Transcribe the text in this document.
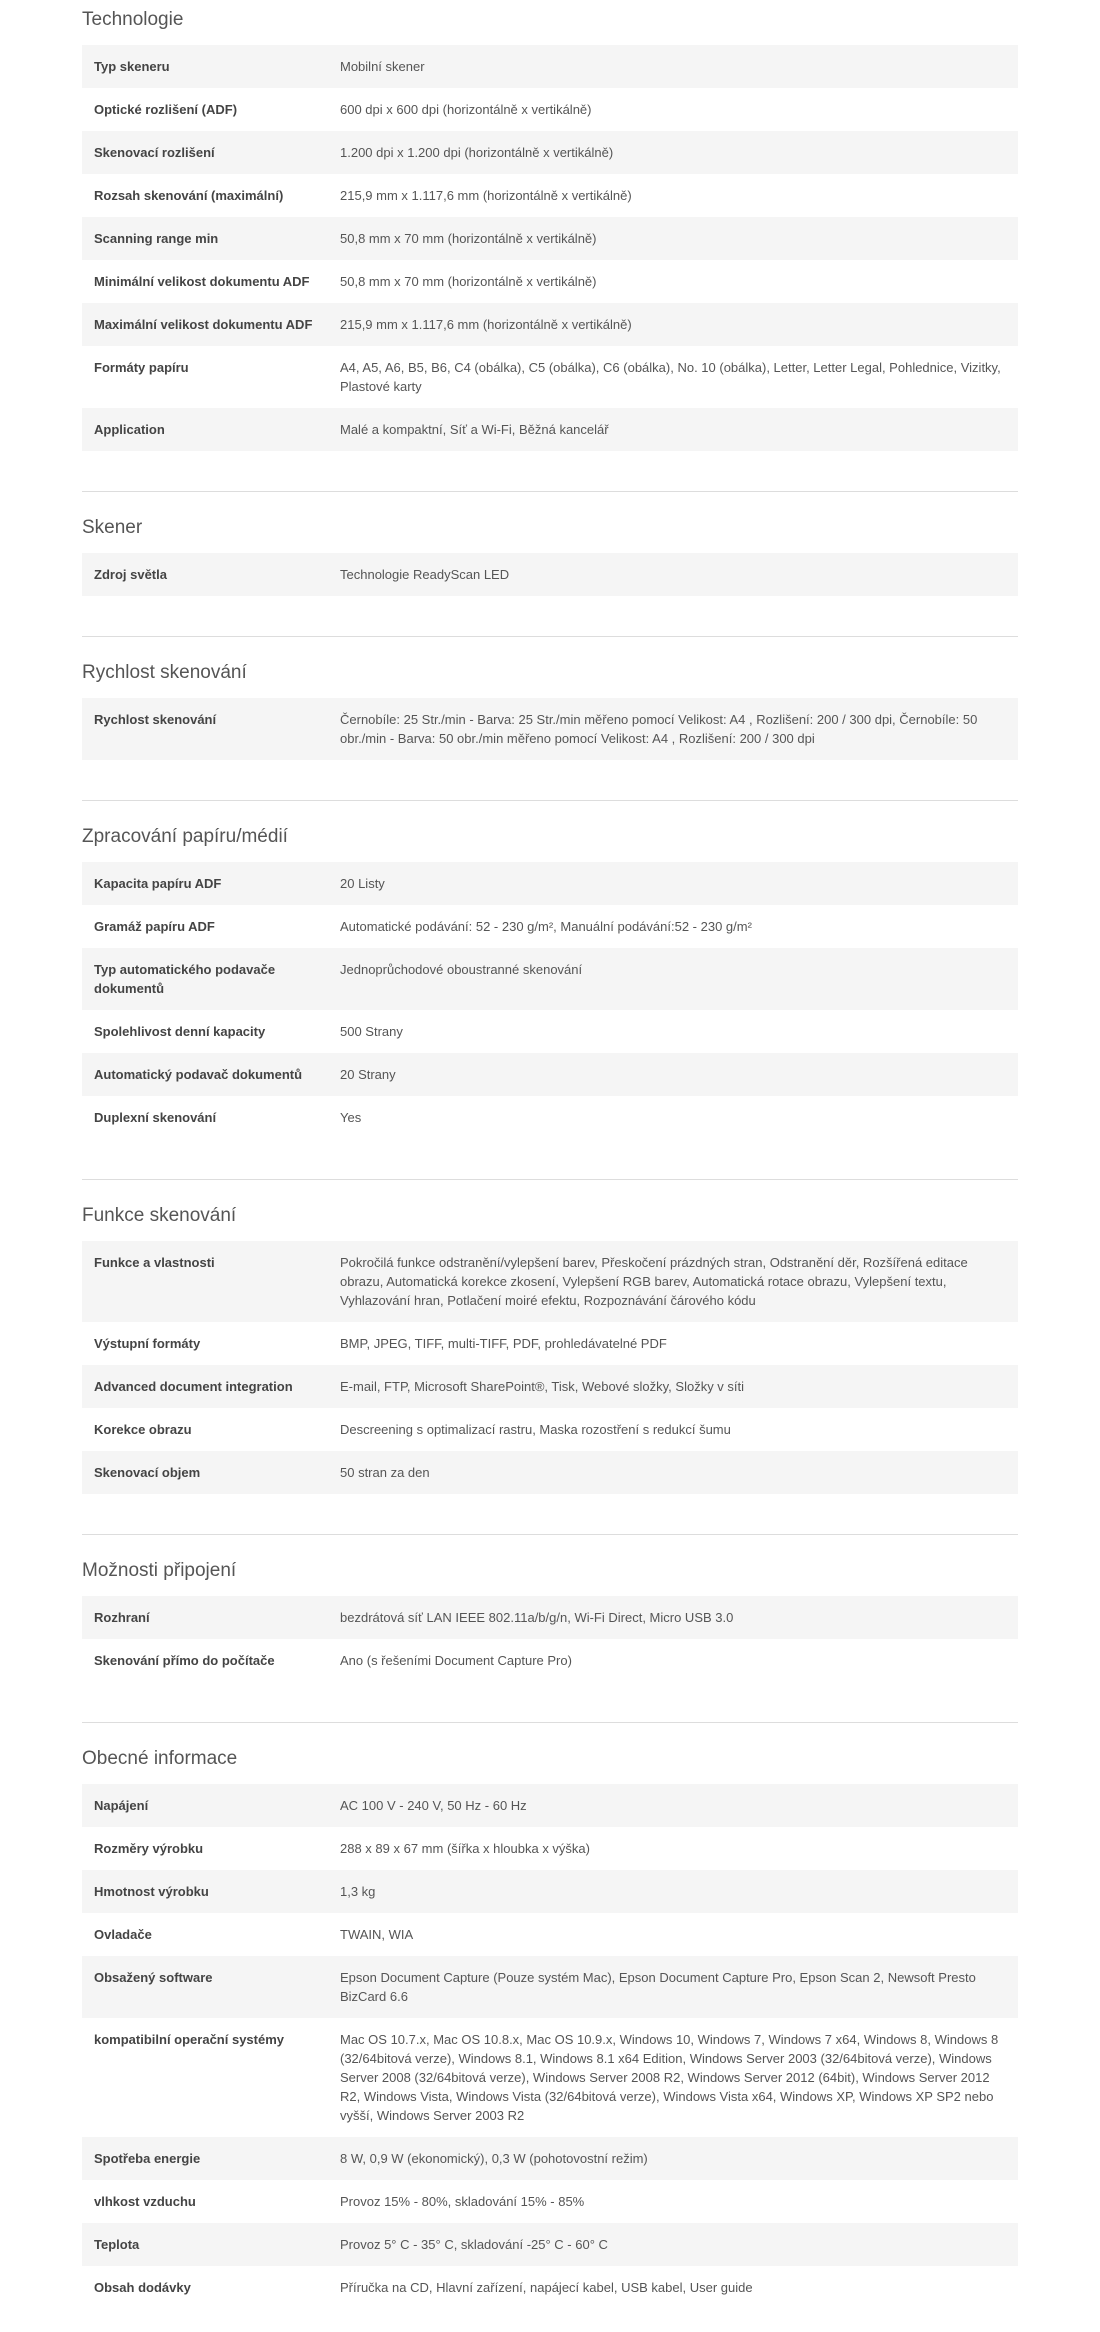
Technologie
Typ skeneru	Mobilní skener
Optické rozlišení (ADF)	600 dpi x 600 dpi (horizontálně x vertikálně)
Skenovací rozlišení	1.200 dpi x 1.200 dpi (horizontálně x vertikálně)
Rozsah skenování (maximální)	215,9 mm x 1.117,6 mm (horizontálně x vertikálně)
Scanning range min	50,8 mm x 70 mm (horizontálně x vertikálně)
Minimální velikost dokumentu ADF	50,8 mm x 70 mm (horizontálně x vertikálně)
Maximální velikost dokumentu ADF	215,9 mm x 1.117,6 mm (horizontálně x vertikálně)
Formáty papíru	A4, A5, A6, B5, B6, C4 (obálka), C5 (obálka), C6 (obálka), No. 10 (obálka), Letter, Letter Legal, Pohlednice, Vizitky, Plastové karty
Application	Malé a kompaktní, Síť a Wi-Fi, Běžná kancelář
Skener
Zdroj světla	Technologie ReadyScan LED
Rychlost skenování
Rychlost skenování	Černobíle: 25 Str./min - Barva: 25 Str./min měřeno pomocí Velikost: A4 , Rozlišení: 200 / 300 dpi, Černobíle: 50 obr./min - Barva: 50 obr./min měřeno pomocí Velikost: A4 , Rozlišení: 200 / 300 dpi
Zpracování papíru/médií
Kapacita papíru ADF	20 Listy
Gramáž papíru ADF	Automatické podávání: 52 - 230 g/m², Manuální podávání:52 - 230 g/m²
Typ automatického podavače dokumentů	Jednoprůchodové oboustranné skenování
Spolehlivost denní kapacity	500 Strany
Automatický podavač dokumentů	20 Strany
Duplexní skenování	Yes
Funkce skenování
Funkce a vlastnosti	Pokročilá funkce odstranění/vylepšení barev, Přeskočení prázdných stran, Odstranění děr, Rozšířená editace obrazu, Automatická korekce zkosení, Vylepšení RGB barev, Automatická rotace obrazu, Vylepšení textu, Vyhlazování hran, Potlačení moiré efektu, Rozpoznávání čárového kódu
Výstupní formáty	BMP, JPEG, TIFF, multi-TIFF, PDF, prohledávatelné PDF
Advanced document integration	E-mail, FTP, Microsoft SharePoint®, Tisk, Webové složky, Složky v síti
Korekce obrazu	Descreening s optimalizací rastru, Maska rozostření s redukcí šumu
Skenovací objem	50 stran za den
Možnosti připojení
Rozhraní	bezdrátová síť LAN IEEE 802.11a/b/g/n, Wi-Fi Direct, Micro USB 3.0
Skenování přímo do počítače	Ano (s řešeními Document Capture Pro)
Obecné informace
Napájení	AC 100 V - 240 V, 50 Hz - 60 Hz
Rozměry výrobku	288 x 89 x 67 mm (šířka x hloubka x výška)
Hmotnost výrobku	1,3 kg
Ovladače	TWAIN, WIA
Obsažený software	Epson Document Capture (Pouze systém Mac), Epson Document Capture Pro, Epson Scan 2, Newsoft Presto BizCard 6.6
kompatibilní operační systémy	Mac OS 10.7.x, Mac OS 10.8.x, Mac OS 10.9.x, Windows 10, Windows 7, Windows 7 x64, Windows 8, Windows 8 (32/64bitová verze), Windows 8.1, Windows 8.1 x64 Edition, Windows Server 2003 (32/64bitová verze), Windows Server 2008 (32/64bitová verze), Windows Server 2008 R2, Windows Server 2012 (64bit), Windows Server 2012 R2, Windows Vista, Windows Vista (32/64bitová verze), Windows Vista x64, Windows XP, Windows XP SP2 nebo vyšší, Windows Server 2003 R2
Spotřeba energie	8 W, 0,9 W (ekonomický), 0,3 W (pohotovostní režim)
vlhkost vzduchu	Provoz 15% - 80%, skladování 15% - 85%
Teplota	Provoz 5° C - 35° C, skladování -25° C - 60° C
Obsah dodávky	Příručka na CD, Hlavní zařízení, napájecí kabel, USB kabel, User guide
